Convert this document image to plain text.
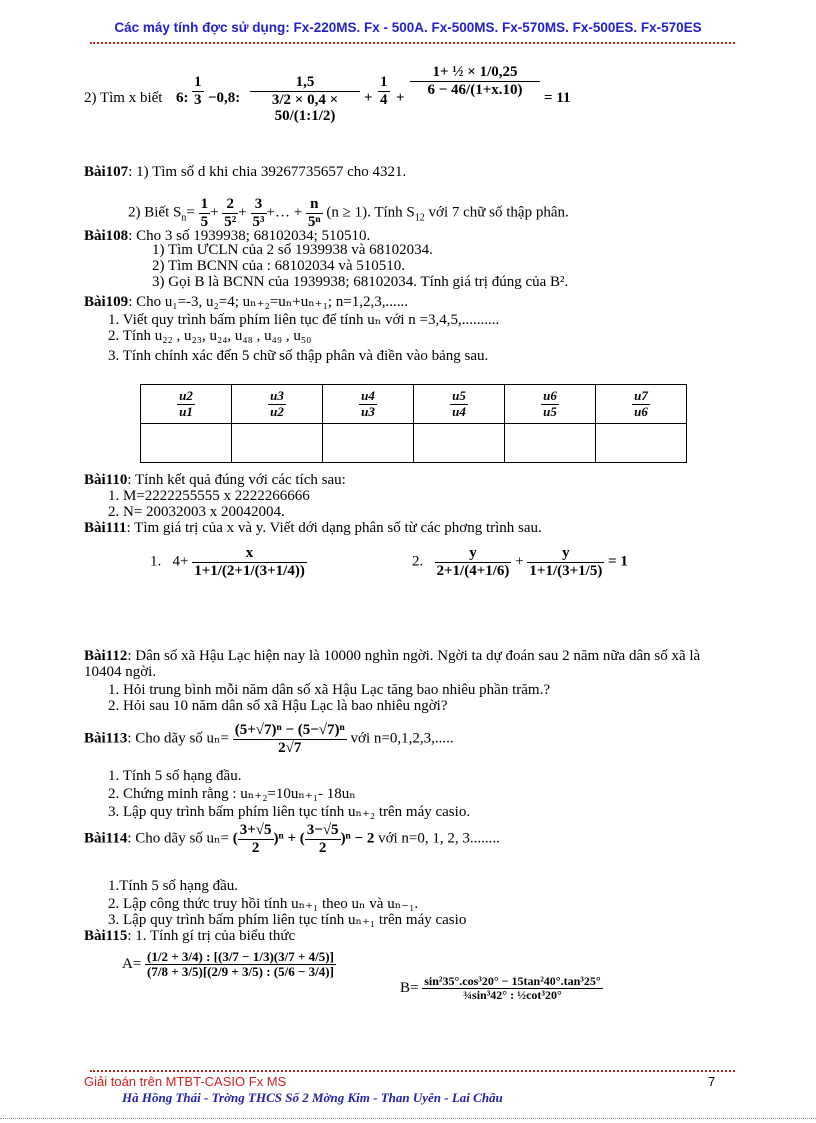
Các máy tính đợc sử dụng: Fx-220MS. Fx - 500A. Fx-500MS. Fx-570MS. Fx-500ES. Fx-570ES
2) Tìm x biết 6: $\frac{1}{3} -0,8$: $\frac{1,5}{3/2 \times 0,4 \times 50/(1:1/2)} + \frac{1}{4} + \frac{\text{1+ ½ × 1/0,25}}{6 - 46/(1+x.10)} = 11$
Bài107: 1) Tìm số d khi chia 39267735657 cho 4321.
2) Biết $S_n= \frac{1}{5} + \frac{2}{\text{5²}} + \frac{3}{\text{5³}}$ +… + $\frac{n}{\text{5ⁿ}} (n \ge 1)$. Tính $S_{12}$ với 7 chữ số thập phân.
Bài108: Cho 3 số 1939938; 68102034; 510510.
1) Tìm ƯCLN của 2 số 1939938 và 68102034.
2) Tìm BCNN của : 68102034 và 510510.
3) Gọi B là BCNN của 1939938; 68102034. Tính giá trị đúng của B².
Bài109: Cho u₁=-3, u₂=4; uₙ₊₂=uₙ+uₙ₊₁; n=1,2,3,......
1. Viết quy trình bấm phím liên tục để tính uₙ với n =3,4,5,..........
2. Tính u₂₂ , u₂₃, u₂₄, u₄₈ , u₄₉ , u₅₀
3. Tính chính xác đến 5 chữ số thập phân và điền vào bảng sau.
$\frac{u2}{u1}$	$\frac{u3}{u2}$	$\frac{u4}{u3}$	$\frac{u5}{u4}$	$\frac{u6}{u5}$	$\frac{u7}{u6}$

Bài110: Tính kết quả đúng với các tích sau:
1. M=2222255555 x 2222266666
2. N= 20032003 x 20042004.
Bài111: Tìm giá trị của x và y. Viết dới dạng phân số từ các phơng trình sau.
1.   $4+ \frac{x}{1+1/(2+1/(3+1/4))}$	2. $\frac{y}{2+1/(4+1/6)} + \frac{y}{1+1/(3+1/5)} = 1$
Bài112: Dân số xã Hậu Lạc hiện nay là 10000 nghìn ngời. Ngời ta dự đoán sau 2 năm nữa dân số xã là 10404 ngời.
1. Hỏi trung bình mỗi năm dân số xã Hậu Lạc tăng bao nhiêu phần trăm.?
2. Hỏi sau 10 năm dân số xã Hậu Lạc là bao nhiêu ngời?
Bài113: Cho dãy số $u_n= \frac{\text{(5+√7)ⁿ − (5−√7)ⁿ}}{2√7}$ với n=0,1,2,3,.....
1. Tính 5 số hạng đầu.
2. Chứng minh rằng : uₙ₊₂=10uₙ₊₁- 18uₙ
3. Lập quy trình bấm phím liên tục tính uₙ₊₂ trên máy casio.
Bài114: Cho dãy số uₙ= ( $\frac{3+√5}{2} )^n$ + ( $\frac{3-√5}{2} )^n - 2$ với n=0, 1, 2, 3........
1.Tính 5 số hạng đầu.
2. Lập công thức truy hồi tính uₙ₊₁ theo uₙ và uₙ₋₁.
3. Lập quy trình bấm phím liên tục tính uₙ₊₁ trên máy casio
Bài115: 1. Tính gí trị của biểu thức
$A= \frac{(1/2 + 3/4) : [(3/7 - 1/3)(3/7 + 4/5)]}{(7/8 + 3/5)[(2/9 + 3/5) : (5/6 - 3/4)]}$
$B= \frac{\text{sin²35°.cos³20° − 15tan²40°.tan³25°}}{\text{¾sin³42° : ½cot³20°}}$
Giải toán trên MTBT-CASIO Fx MS	7
Hà Hồng Thái - Trờng THCS Số 2 Mờng Kim - Than Uyên - Lai Châu
